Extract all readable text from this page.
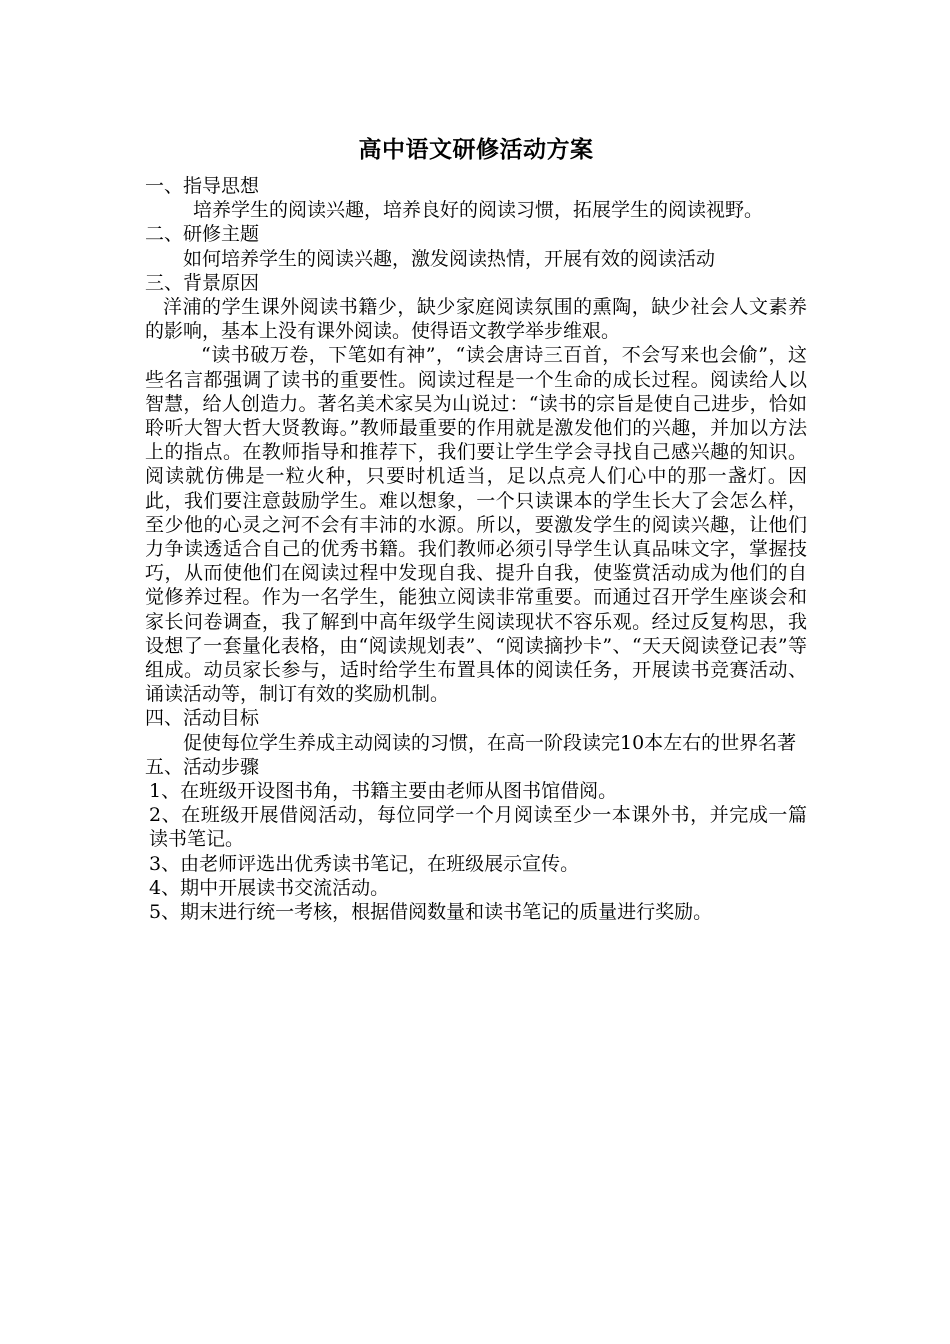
高中语文研修活动方案
一、指导思想
培养学生的阅读兴趣，培养良好的阅读习惯，拓展学生的阅读视野。
二、研修主题
如何培养学生的阅读兴趣，激发阅读热情，开展有效的阅读活动
三、背景原因
洋浦的学生课外阅读书籍少，缺少家庭阅读氛围的熏陶，缺少社会人文素养的影响，基本上没有课外阅读。使得语文教学举步维艰。
“读书破万卷，下笔如有神”，“读会唐诗三百首，不会写来也会偷”，这些名言都强调了读书的重要性。阅读过程是一个生命的成长过程。阅读给人以智慧，给人创造力。著名美术家吴为山说过：“读书的宗旨是使自己进步，恰如聆听大智大哲大贤教诲。”教师最重要的作用就是激发他们的兴趣，并加以方法上的指点。在教师指导和推荐下，我们要让学生学会寻找自己感兴趣的知识。阅读就仿佛是一粒火种，只要时机适当，足以点亮人们心中的那一盏灯。因此，我们要注意鼓励学生。难以想象，一个只读课本的学生长大了会怎么样，至少他的心灵之河不会有丰沛的水源。所以，要激发学生的阅读兴趣，让他们力争读透适合自己的优秀书籍。我们教师必须引导学生认真品味文字，掌握技巧，从而使他们在阅读过程中发现自我、提升自我，使鉴赏活动成为他们的自觉修养过程。作为一名学生，能独立阅读非常重要。而通过召开学生座谈会和家长问卷调查，我了解到中高年级学生阅读现状不容乐观。经过反复构思，我设想了一套量化表格，由“阅读规划表”、“阅读摘抄卡”、“天天阅读登记表”等组成。动员家长参与，适时给学生布置具体的阅读任务，开展读书竞赛活动、诵读活动等，制订有效的奖励机制。
四、活动目标
促使每位学生养成主动阅读的习惯，在高一阶段读完10本左右的世界名著
五、活动步骤
1、在班级开设图书角，书籍主要由老师从图书馆借阅。
2、在班级开展借阅活动，每位同学一个月阅读至少一本课外书，并完成一篇读书笔记。
3、由老师评选出优秀读书笔记，在班级展示宣传。
4、期中开展读书交流活动。
5、期末进行统一考核，根据借阅数量和读书笔记的质量进行奖励。
